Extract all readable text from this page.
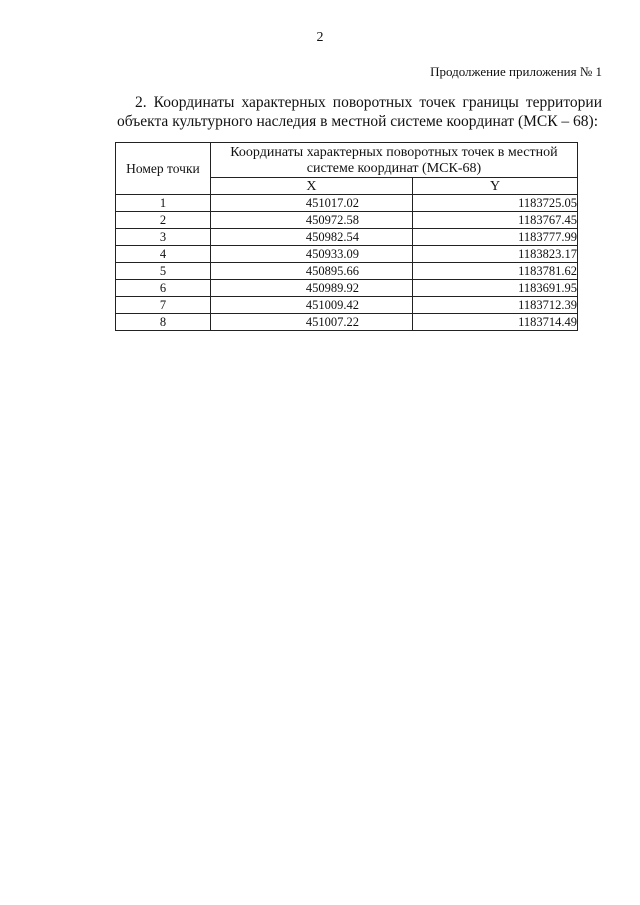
2
Продолжение приложения № 1
2. Координаты характерных поворотных точек границы территории объекта культурного наследия в местной системе координат (МСК – 68):
Номер точки	Координаты характерных поворотных точек в местной системе координат (МСК-68)	
	X	Y
1	451017.02	1183725.05
2	450972.58	1183767.45
3	450982.54	1183777.99
4	450933.09	1183823.17
5	450895.66	1183781.62
6	450989.92	1183691.95
7	451009.42	1183712.39
8	451007.22	1183714.49
